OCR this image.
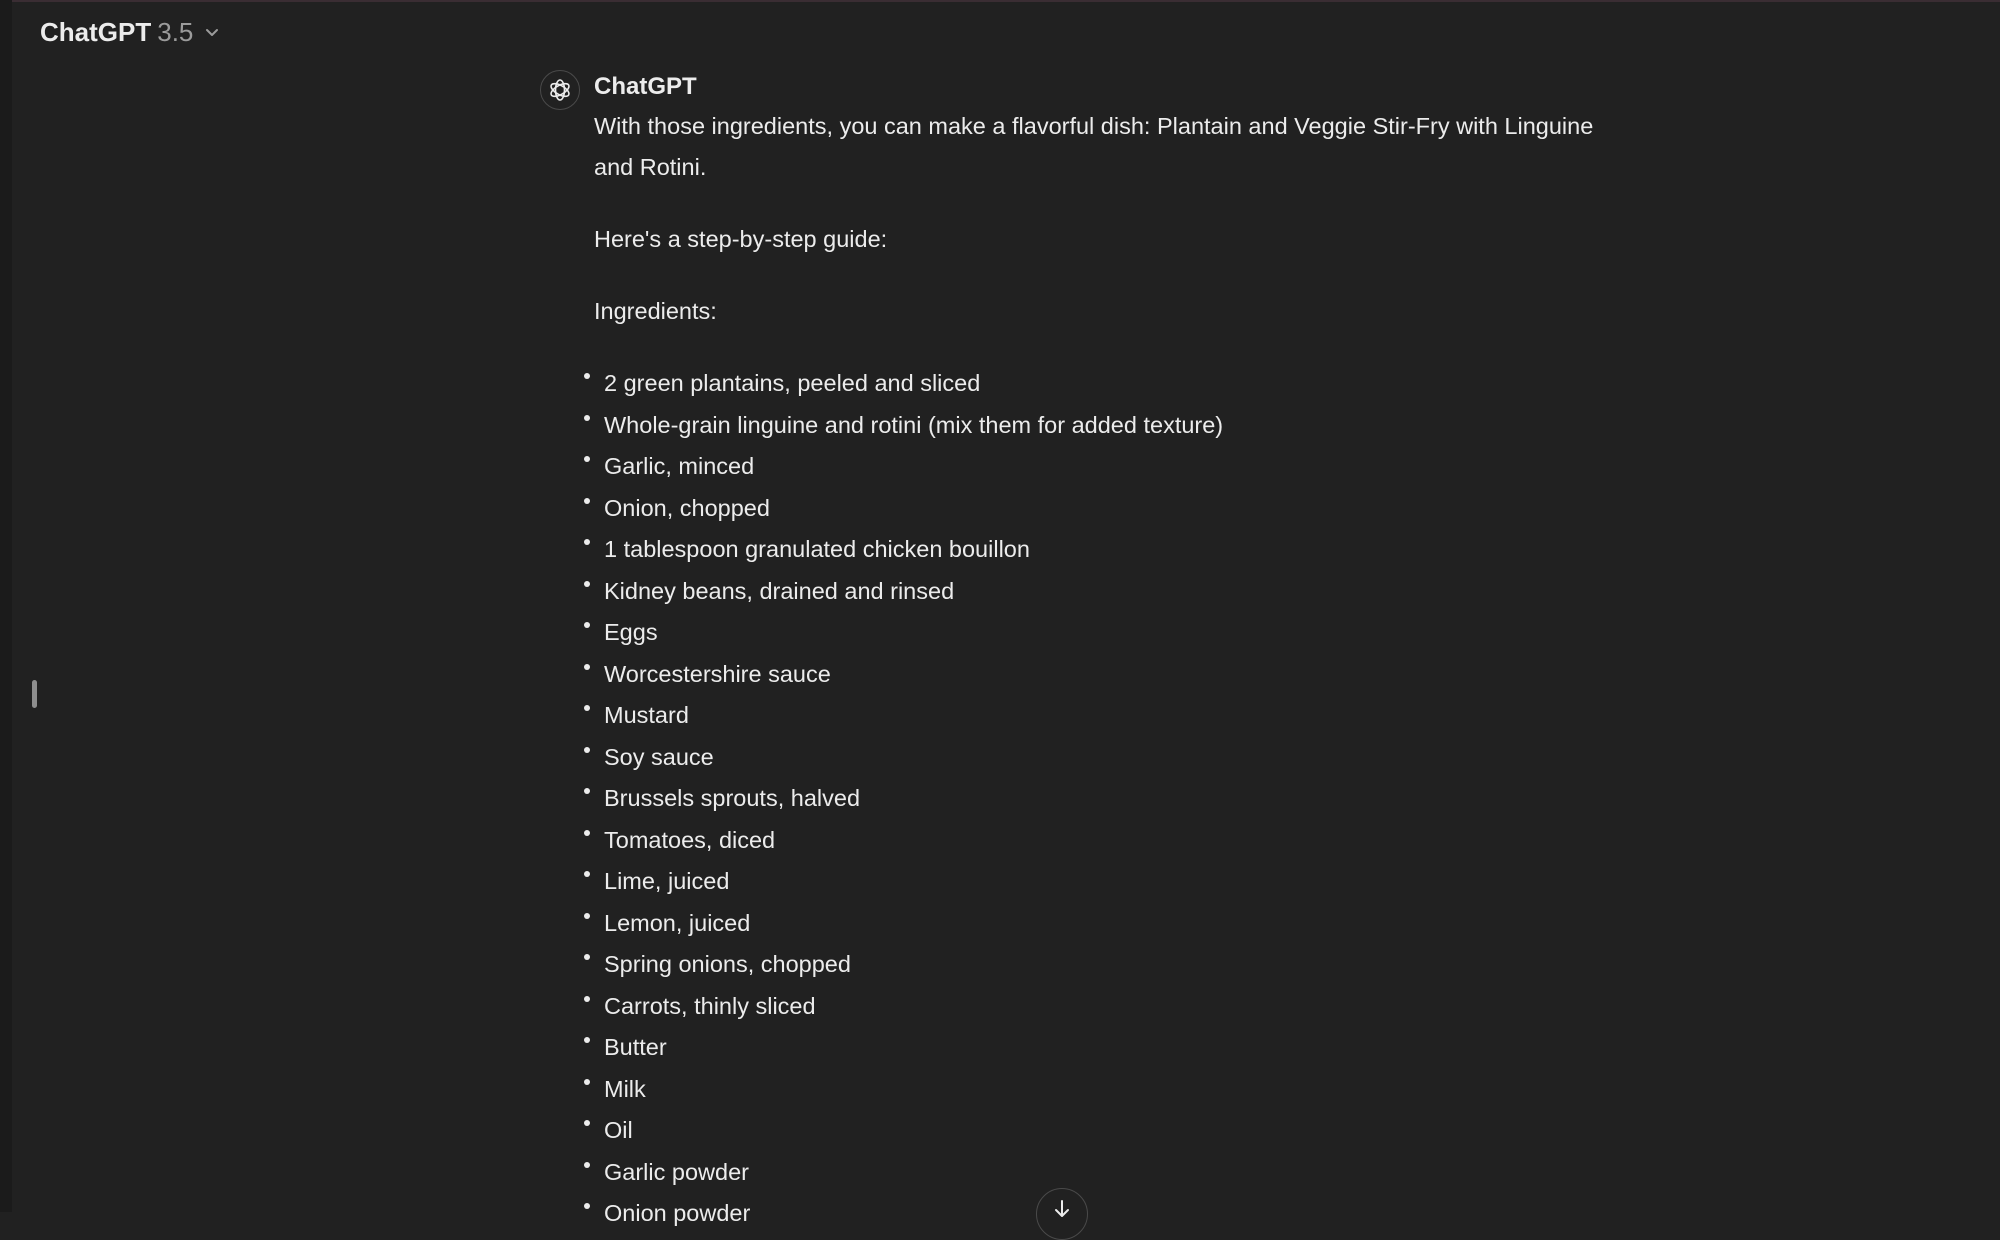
ChatGPT 3.5
ChatGPT

With those ingredients, you can make a flavorful dish: Plantain and Veggie Stir-Fry with Linguine and Rotini.

Here's a step-by-step guide:

Ingredients:

2 green plantains, peeled and sliced
Whole-grain linguine and rotini (mix them for added texture)
Garlic, minced
Onion, chopped
1 tablespoon granulated chicken bouillon
Kidney beans, drained and rinsed
Eggs
Worcestershire sauce
Mustard
Soy sauce
Brussels sprouts, halved
Tomatoes, diced
Lime, juiced
Lemon, juiced
Spring onions, chopped
Carrots, thinly sliced
Butter
Milk
Oil
Garlic powder
Onion powder
